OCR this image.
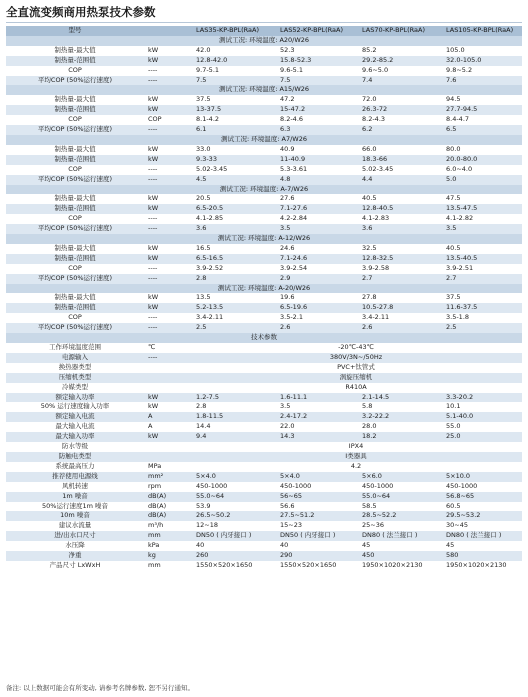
全直流变频商用热泵技术参数
型号		LAS35-KP-BPL(RaA)	LAS52-KP-BPL(RaA)	LAS70-KP-BPL(RaA)	LAS105-KP-BPL(RaA)
测试工况: 环境温度: A20/W26					
制热量-最大值	kW	42.0	52.3	85.2	105.0
制热量-范围值	kW	12.8-42.0	15.8-52.3	29.2-85.2	32.0-105.0
COP	----	9.7-5.1	9.6-5.1	9.6~5.0	9.8~5.2
平均COP (50%运行速度)	----	7.5	7.5	7.4	7.6
测试工况: 环境温度: A15/W26					
制热量-最大值	kW	37.5	47.2	72.0	94.5
制热量-范围值	kW	13-37.5	15-47.2	26.3-72	27.7-94.5
COP	COP	8.1-4.2	8.2-4.6	8.2-4.3	8.4-4.7
平均COP (50%运行速度)	----	6.1	6.3	6.2	6.5
测试工况: 环境温度: A7/W26					
制热量-最大值	kW	33.0	40.9	66.0	80.0
制热量-范围值	kW	9.3-33	11-40.9	18.3-66	20.0-80.0
COP	----	5.02-3.45	5.3-3.61	5.02-3.45	6.0~4.0
平均COP (50%运行速度)	----	4.5	4.8	4.4	5.0
测试工况: 环境温度: A-7/W26					
制热量-最大值	kW	20.5	27.6	40.5	47.5
制热量-范围值	kW	6.5-20.5	7.1-27.6	12.8-40.5	13.5-47.5
COP	----	4.1-2.85	4.2-2.84	4.1-2.83	4.1-2.82
平均COP (50%运行速度)	----	3.6	3.5	3.6	3.5
测试工况: 环境温度: A-12/W26					
制热量-最大值	kW	16.5	24.6	32.5	40.5
制热量-范围值	kW	6.5-16.5	7.1-24.6	12.8-32.5	13.5-40.5
COP	----	3.9-2.52	3.9-2.54	3.9-2.58	3.9-2.51
平均COP (50%运行速度)	----	2.8	2.9	2.7	2.7
测试工况: 环境温度: A-20/W26					
制热量-最大值	kW	13.5	19.6	27.8	37.5
制热量-范围值	kW	5.2-13.5	6.5-19.6	10.5-27.8	11.6-37.5
COP	----	3.4-2.11	3.5-2.1	3.4-2.11	3.5-1.8
平均COP (50%运行速度)	----	2.5	2.6	2.6	2.5
技术参数					
工作环境温度范围	℃	-20℃-43℃			
电源输入	----	380V/3N~/50Hz			
换热器类型		PVC+钛管式			
压缩机类型		涡旋压缩机			
冷媒类型		R410A			
额定输入功率	kW	1.2-7.5	1.6-11.1	2.1-14.5	3.3-20.2
50% 运行速度输入功率	kW	2.8	3.5	5.8	10.1
额定输入电流	A	1.8-11.5	2.4-17.2	3.2-22.2	5.1-40.0
最大输入电流	A	14.4	22.0	28.0	55.0
最大输入功率	kW	9.4	14.3	18.2	25.0
防水等级		IPX4			
防触电类型		I类器具			
系统最高压力	MPa	4.2			
推荐使用电源线	mm²	5×4.0	5×4.0	5×6.0	5×10.0
风机转速	rpm	450-1000	450-1000	450-1000	450-1000
1m 噪音	dB(A)	55.0~64	56~65	55.0~64	56.8~65
50%运行速度1m 噪音	dB(A)	53.9	56.6	58.5	60.5
10m 噪音	dB(A)	26.5~50.2	27.5~51.2	28.5~52.2	29.5~53.2
建议水流量	m³/h	12~18	15~23	25~36	30~45
进/出水口尺寸	mm	DN50 ( 内牙接口 )	DN50 ( 内牙接口 )	DN80 ( 法兰接口 )	DN80 ( 法兰接口 )
水压降	kPa	40	40	45	45
净重	kg	260	290	450	580
产品尺寸 LxWxH	mm	1550×520×1650	1550×520×1650	1950×1020×2130	1950×1020×2130
备注: 以上数据可能会有所变动, 请参考名牌参数, 恕不另行通知。
